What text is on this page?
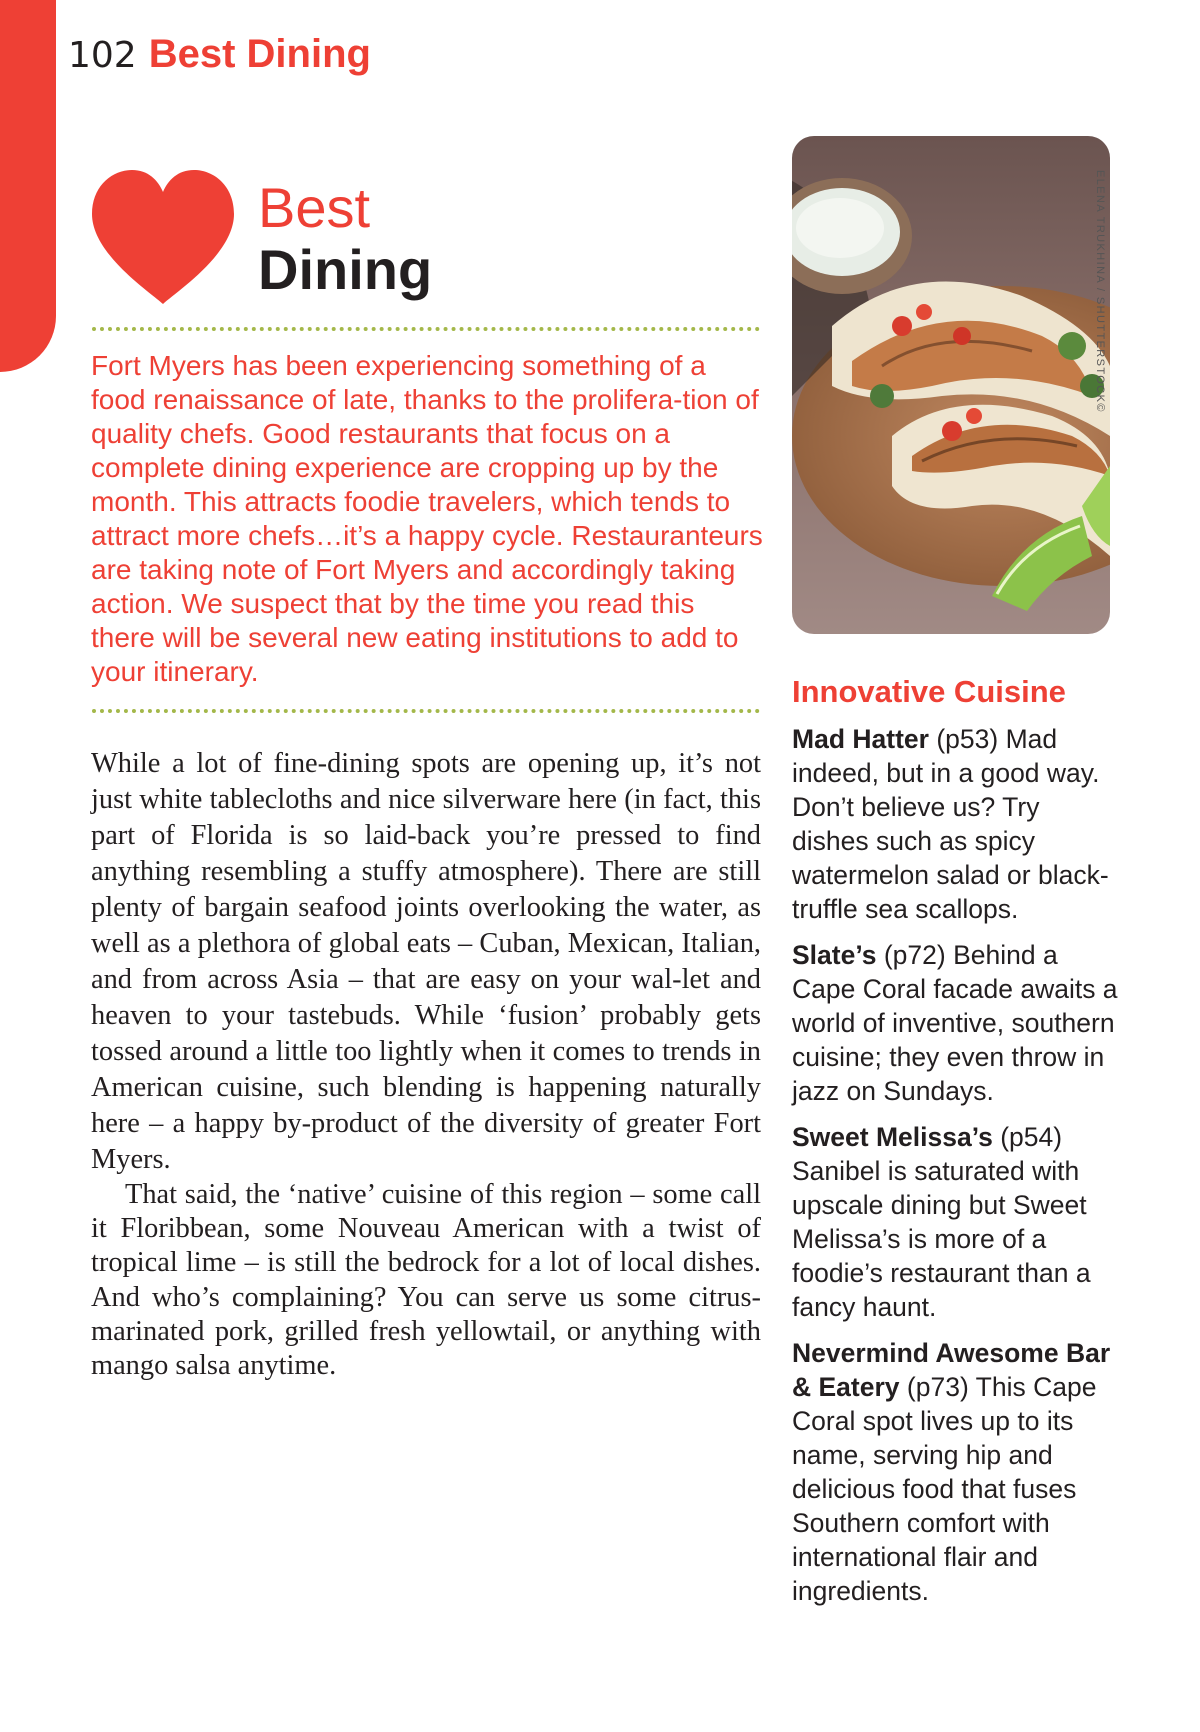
102 Best Dining
Best
Dining

Fort Myers has been experiencing something of a food renaissance of late, thanks to the prolifera-tion of quality chefs. Good restaurants that focus on a complete dining experience are cropping up by the month. This attracts foodie travelers, which tends to attract more chefs…it’s a happy cycle. Restauranteurs are taking note of Fort Myers and accordingly taking action. We suspect that by the time you read this there will be several new eating institutions to add to your itinerary.

While a lot of fine-dining spots are opening up, it’s not just white tablecloths and nice silverware here (in fact, this part of Florida is so laid-back you’re pressed to find anything resembling a stuffy atmosphere). There are still plenty of bargain seafood joints overlooking the water, as well as a plethora of global eats – Cuban, Mexican, Italian, and from across Asia – that are easy on your wal-let and heaven to your tastebuds. While ‘fusion’ probably gets tossed around a little too lightly when it comes to trends in American cuisine, such blending is happening naturally here – a happy by-product of the diversity of greater Fort Myers.

That said, the ‘native’ cuisine of this region – some call it Floribbean, some Nouveau American with a twist of tropical lime – is still the bedrock for a lot of local dishes. And who’s complaining? You can serve us some citrus-marinated pork, grilled fresh yellowtail, or anything with mango salsa anytime.

ELENA TRUKHINA / SHUTTERSTOCK©
Innovative Cuisine
Mad Hatter (p53) Mad indeed, but in a good way. Don’t believe us? Try dishes such as spicy watermelon salad or black-truffle sea scallops.
Slate’s (p72) Behind a Cape Coral facade awaits a world of inventive, southern cuisine; they even throw in jazz on Sundays.
Sweet Melissa’s (p54) Sanibel is saturated with upscale dining but Sweet Melissa’s is more of a foodie’s restaurant than a fancy haunt.
Nevermind Awesome Bar & Eatery (p73) This Cape Coral spot lives up to its name, serving hip and delicious food that fuses Southern comfort with international flair and ingredients.
